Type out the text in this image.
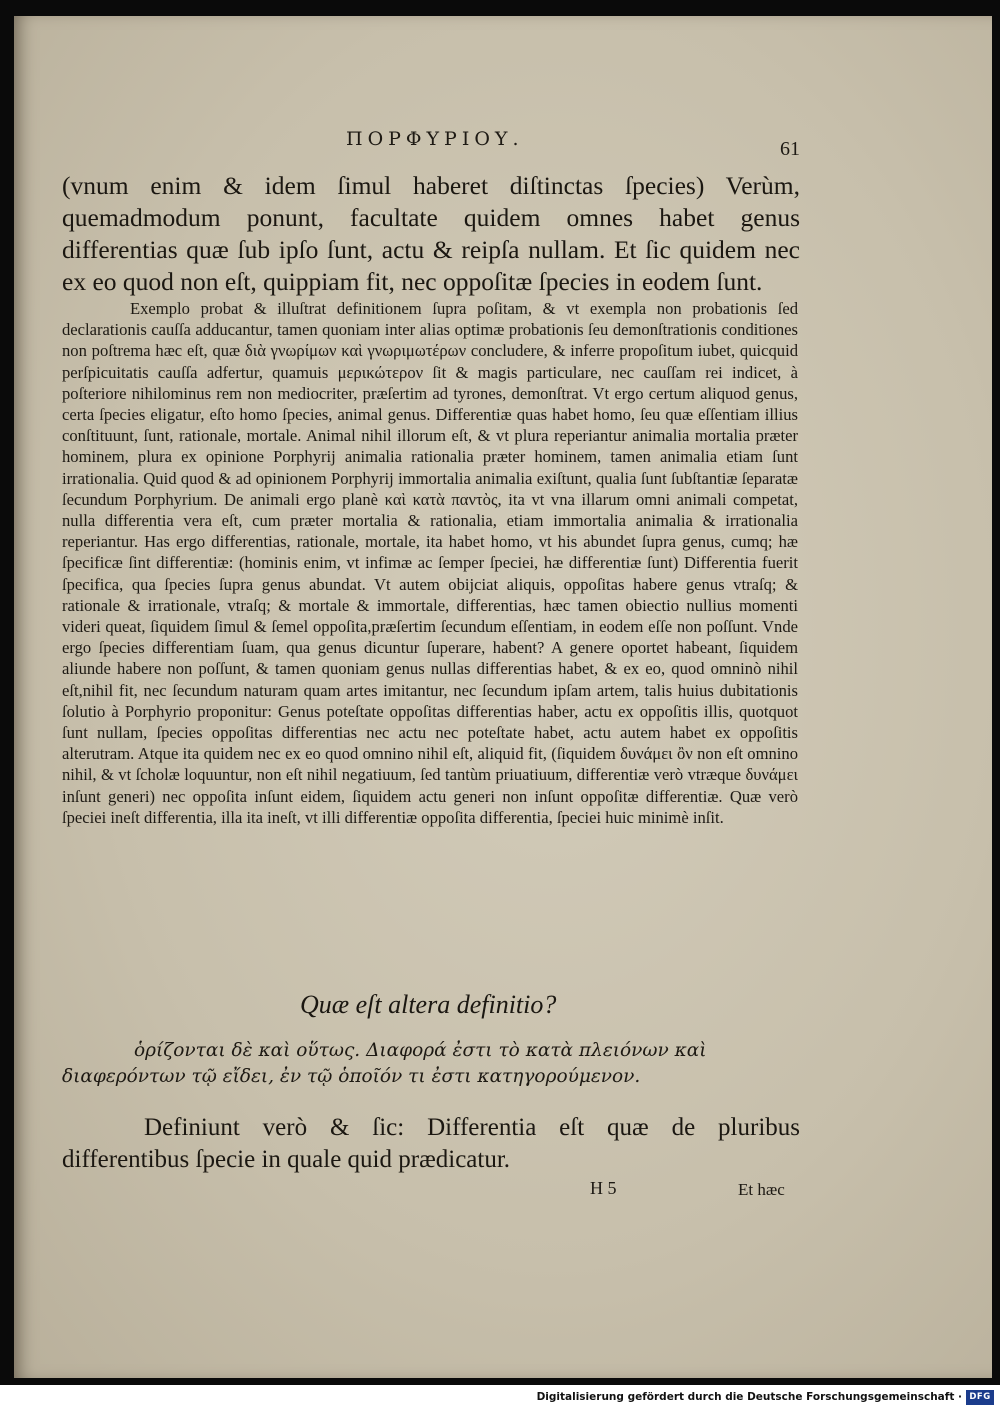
ΠΟΡΦΥΡΙΟΥ.	61
(vnum enim & idem ſimul haberet diſtinctas ſpecies) Verùm, quemadmodum ponunt, facultate quidem omnes habet genus differentias quæ ſub ipſo ſunt, actu & reipſa nullam. Et ſic quidem nec ex eo quod non eſt, quippiam fit, nec oppoſitæ ſpecies in eodem ſunt.
Exemplo probat & illuſtrat definitionem ſupra poſitam, & vt exempla non probationis ſed declarationis cauſſa adducantur, tamen quoniam inter alias optimæ probationis ſeu demonſtrationis conditiones non poſtrema hæc eſt, quæ διὰ γνωρίμων καὶ γνωριμωτέρων concludere, & inferre propoſitum iubet, quicquid perſpicuitatis cauſſa adfertur, quamuis μερικώτερον ſit & magis particulare, nec cauſſam rei indicet, à poſteriore nihilominus rem non mediocriter, præſertim ad tyrones, demonſtrat. Vt ergo certum aliquod genus, certa ſpecies eligatur, eſto homo ſpecies, animal genus. Differentiæ quas habet homo, ſeu quæ eſſentiam illius conſtituunt, ſunt, rationale, mortale. Animal nihil illorum eſt, & vt plura reperiantur animalia mortalia præter hominem, plura ex opinione Porphyrij animalia rationalia præter hominem, tamen animalia etiam ſunt irrationalia. Quid quod & ad opinionem Porphyrij immortalia animalia exiſtunt, qualia ſunt ſubſtantiæ ſeparatæ ſecundum Porphyrium. De animali ergo planè καὶ κατὰ παντὸς, ita vt vna illarum omni animali competat, nulla differentia vera eſt, cum præter mortalia & rationalia, etiam immortalia animalia & irrationalia reperiantur. Has ergo differentias, rationale, mortale, ita habet homo, vt his abundet ſupra genus, cumq; hæ ſpecificæ ſint differentiæ: (hominis enim, vt infimæ ac ſemper ſpeciei, hæ differentiæ ſunt) Differentia fuerit ſpecifica, qua ſpecies ſupra genus abundat. Vt autem obijciat aliquis, oppoſitas habere genus vtraſq; & rationale & irrationale, vtraſq; & mortale & immortale, differentias, hæc tamen obiectio nullius momenti videri queat, ſiquidem ſimul & ſemel oppoſita,præſertim ſecundum eſſentiam, in eodem eſſe non poſſunt. Vnde ergo ſpecies differentiam ſuam, qua genus dicuntur ſuperare, habent? A genere oportet habeant, ſiquidem aliunde habere non poſſunt, & tamen quoniam genus nullas differentias habet, & ex eo, quod omninò nihil eſt,nihil fit, nec ſecundum naturam quam artes imitantur, nec ſecundum ipſam artem, talis huius dubitationis ſolutio à Porphyrio proponitur: Genus poteſtate oppoſitas differentias haber, actu ex oppoſitis illis, quotquot ſunt nullam, ſpecies oppoſitas differentias nec actu nec poteſtate habet, actu autem habet ex oppoſitis alterutram. Atque ita quidem nec ex eo quod omnino nihil eſt, aliquid fit, (ſiquidem δυνάμει ὂν non eſt omnino nihil, & vt ſcholæ loquuntur, non eſt nihil negatiuum, ſed tantùm priuatiuum, differentiæ verò vtræque δυνάμει inſunt generi) nec oppoſita inſunt eidem, ſiquidem actu generi non inſunt oppoſitæ differentiæ. Quæ verò ſpeciei ineſt differentia, illa ita ineſt, vt illi differentiæ oppoſita differentia, ſpeciei huic minimè inſit.
Quæ eſt altera definitio?
ὁρίζονται δὲ καὶ οὕτως. Διαφορά ἐστι τὸ κατὰ πλειόνων καὶ διαφερόντων τῷ εἴδει, ἐν τῷ ὁποῖόν τι ἐστι κατηγορούμενον.
Definiunt verò & ſic: Differentia eſt quæ de pluribus differentibus ſpecie in quale quid prædicatur.
H 5	Et hæc
Digitalisierung gefördert durch die Deutsche Forschungsgemeinschaft · DFG
